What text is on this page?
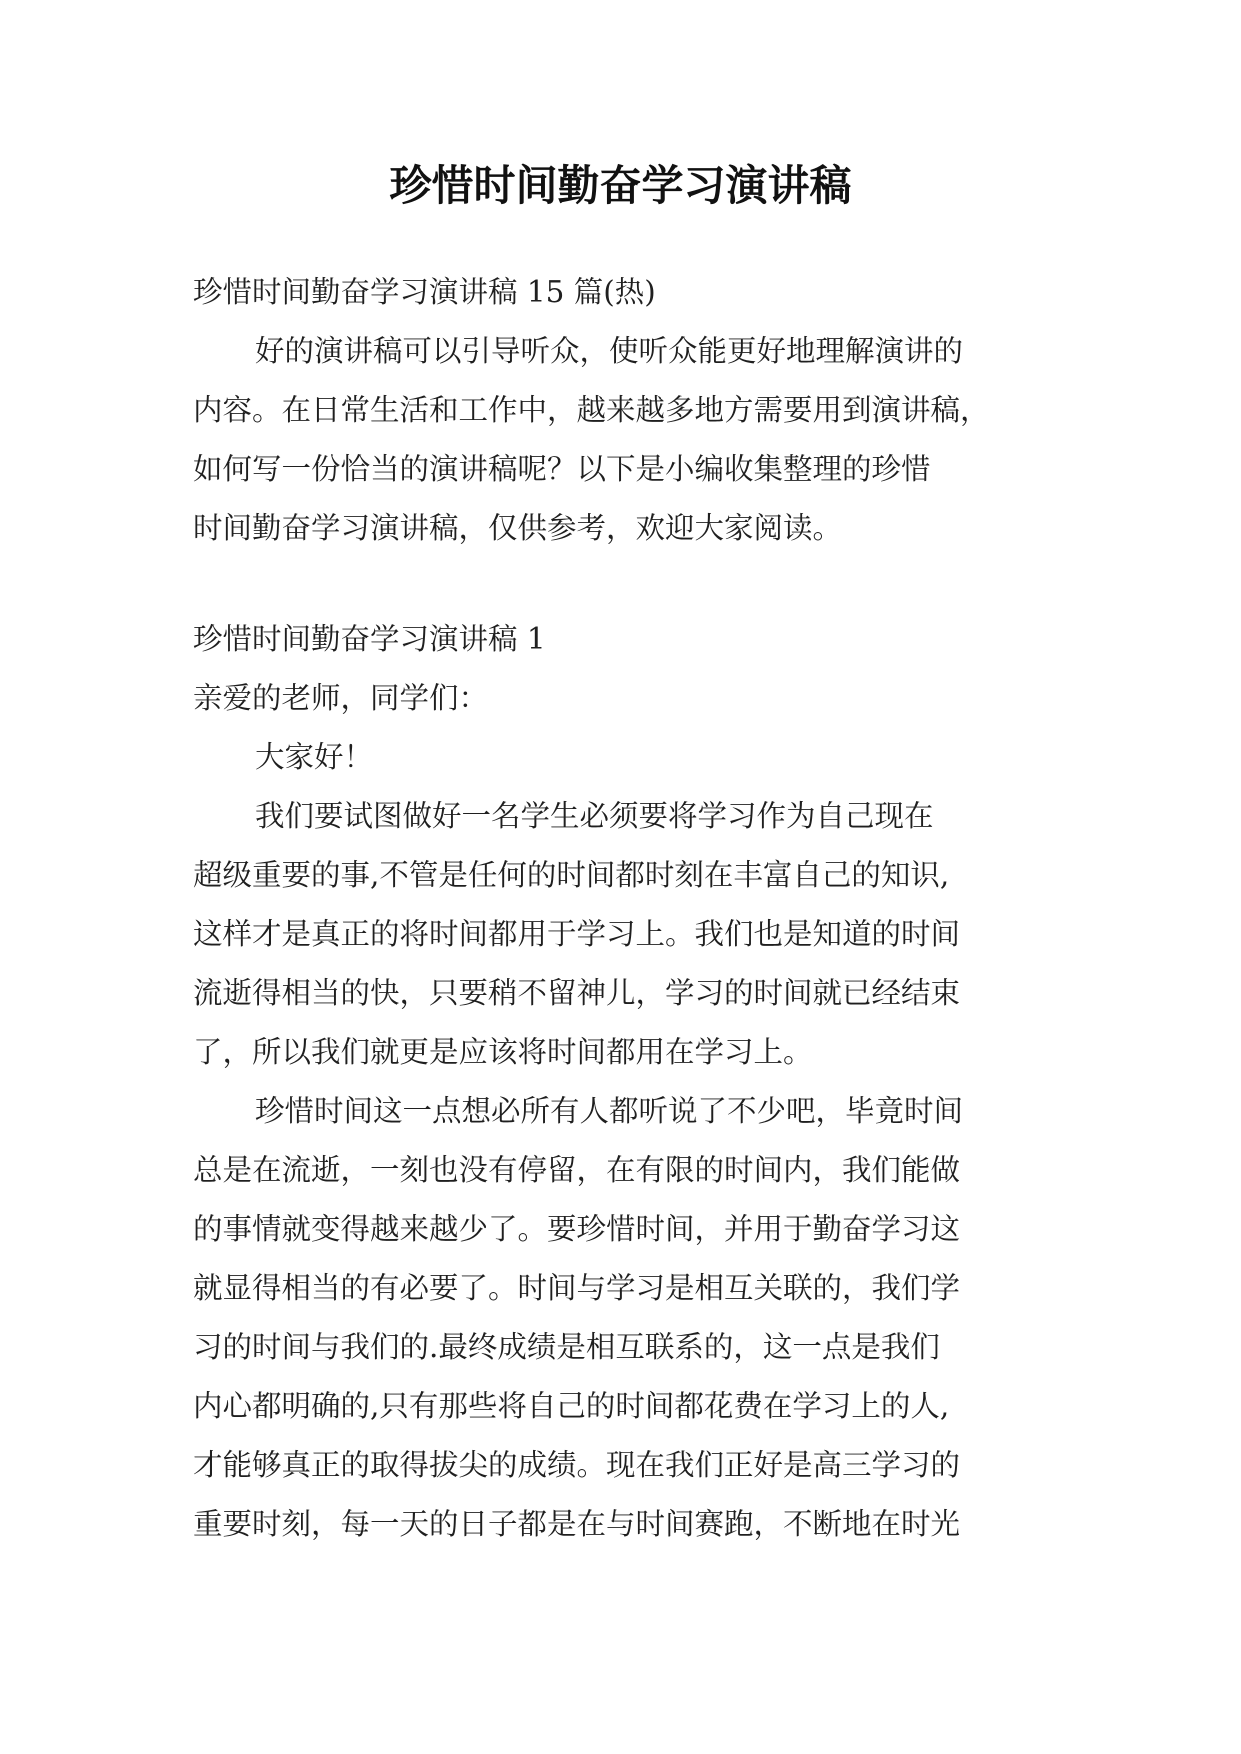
珍惜时间勤奋学习演讲稿

珍惜时间勤奋学习演讲稿 15 篇(热)

好的演讲稿可以引导听众，使听众能更好地理解演讲的

内容。在日常生活和工作中，越来越多地方需要用到演讲稿，

如何写一份恰当的演讲稿呢？以下是小编收集整理的珍惜

时间勤奋学习演讲稿，仅供参考，欢迎大家阅读。

珍惜时间勤奋学习演讲稿 1

亲爱的老师，同学们：

大家好！

我们要试图做好一名学生必须要将学习作为自己现在

超级重要的事,不管是任何的时间都时刻在丰富自己的知识,

这样才是真正的将时间都用于学习上。我们也是知道的时间

流逝得相当的快，只要稍不留神儿，学习的时间就已经结束

了，所以我们就更是应该将时间都用在学习上。

珍惜时间这一点想必所有人都听说了不少吧，毕竟时间

总是在流逝，一刻也没有停留，在有限的时间内，我们能做

的事情就变得越来越少了。要珍惜时间，并用于勤奋学习这

就显得相当的有必要了。时间与学习是相互关联的，我们学

习的时间与我们的.最终成绩是相互联系的，这一点是我们

内心都明确的,只有那些将自己的时间都花费在学习上的人,

才能够真正的取得拔尖的成绩。现在我们正好是高三学习的

重要时刻，每一天的日子都是在与时间赛跑，不断地在时光
